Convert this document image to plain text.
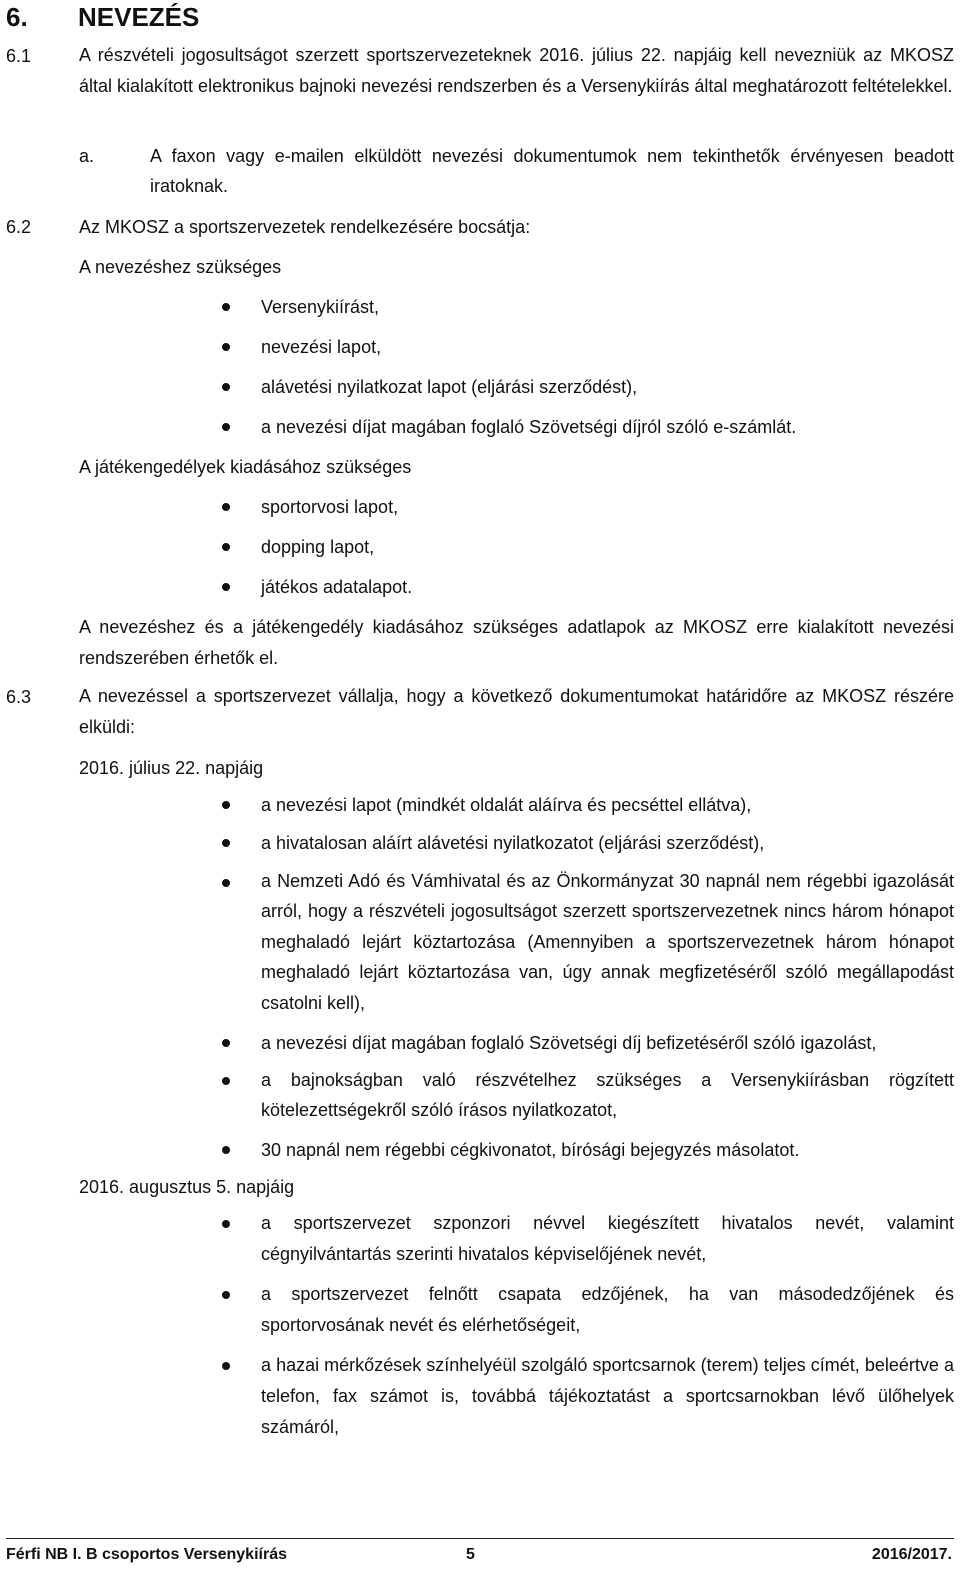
6. NEVEZÉS
6.1	A részvételi jogosultságot szerzett sportszervezeteknek 2016. július 22. napjáig kell nevezniük az MKOSZ által kialakított elektronikus bajnoki nevezési rendszerben és a Versenykiírás által meghatározott feltételekkel.
a.	A faxon vagy e-mailen elküldött nevezési dokumentumok nem tekinthetők érvényesen beadott iratoknak.
6.2	Az MKOSZ a sportszervezetek rendelkezésére bocsátja:
A nevezéshez szükséges
Versenykiírást,
nevezési lapot,
alávetési nyilatkozat lapot (eljárási szerződést),
a nevezési díjat magában foglaló Szövetségi díjról szóló e-számlát.
A játékengedélyek kiadásához szükséges
sportorvosi lapot,
dopping lapot,
játékos adatalapot.
A nevezéshez és a játékengedély kiadásához szükséges adatlapok az MKOSZ erre kialakított nevezési rendszerében érhetők el.
6.3	A nevezéssel a sportszervezet vállalja, hogy a következő dokumentumokat határidőre az MKOSZ részére elküldi:
2016. július 22. napjáig
a nevezési lapot (mindkét oldalát aláírva és pecséttel ellátva),
a hivatalosan aláírt alávetési nyilatkozatot (eljárási szerződést),
a Nemzeti Adó és Vámhivatal és az Önkormányzat 30 napnál nem régebbi igazolását arról, hogy a részvételi jogosultságot szerzett sportszervezetnek nincs három hónapot meghaladó lejárt köztartozása (Amennyiben a sportszervezetnek három hónapot meghaladó lejárt köztartozása van, úgy annak megfizetéséről szóló megállapodást csatolni kell),
a nevezési díjat magában foglaló Szövetségi díj befizetéséről szóló igazolást,
a bajnokságban való részvételhez szükséges a Versenykiírásban rögzített kötelezettségekről szóló írásos nyilatkozatot,
30 napnál nem régebbi cégkivonatot, bírósági bejegyzés másolatot.
2016. augusztus 5. napjáig
a sportszervezet szponzori névvel kiegészített hivatalos nevét, valamint cégnyilvántartás szerinti hivatalos képviselőjének nevét,
a sportszervezet felnőtt csapata edzőjének, ha van másodedzőjének és sportorvosának nevét és elérhetőségeit,
a hazai mérkőzések színhelyéül szolgáló sportcsarnok (terem) teljes címét, beleértve a telefon, fax számot is, továbbá tájékoztatást a sportcsarnokban lévő ülőhelyek számáról,
Férfi NB I. B csoportos Versenykiírás	5	2016/2017.
